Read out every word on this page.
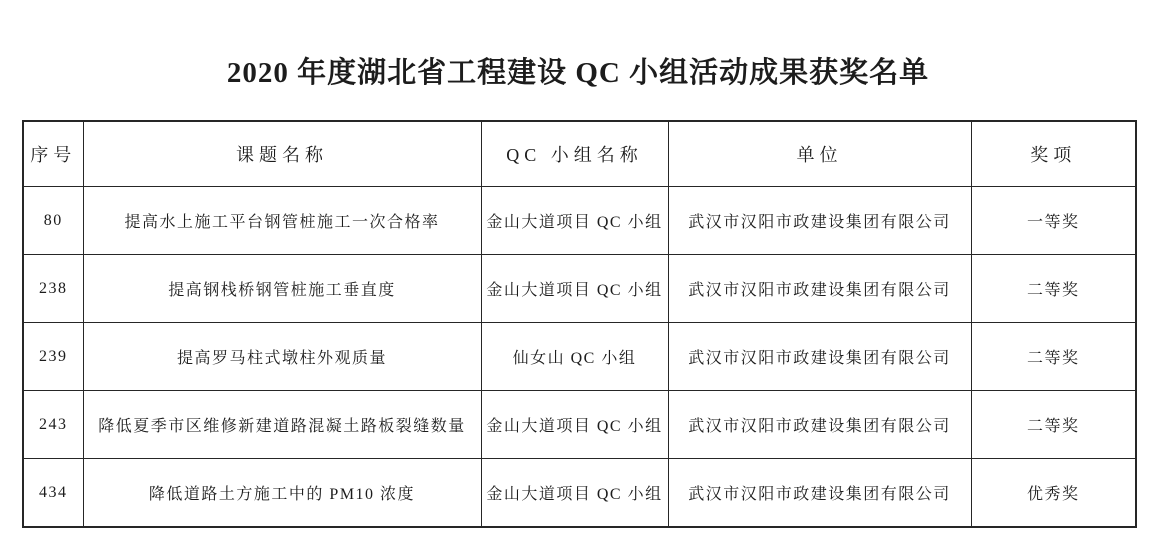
2020 年度湖北省工程建设 QC 小组活动成果获奖名单
序号	课题名称	QC 小组名称	单位	奖项
80	提高水上施工平台钢管桩施工一次合格率	金山大道项目 QC 小组	武汉市汉阳市政建设集团有限公司	一等奖
238	提高钢栈桥钢管桩施工垂直度	金山大道项目 QC 小组	武汉市汉阳市政建设集团有限公司	二等奖
239	提高罗马柱式墩柱外观质量	仙女山 QC 小组	武汉市汉阳市政建设集团有限公司	二等奖
243	降低夏季市区维修新建道路混凝土路板裂缝数量	金山大道项目 QC 小组	武汉市汉阳市政建设集团有限公司	二等奖
434	降低道路土方施工中的 PM10 浓度	金山大道项目 QC 小组	武汉市汉阳市政建设集团有限公司	优秀奖
